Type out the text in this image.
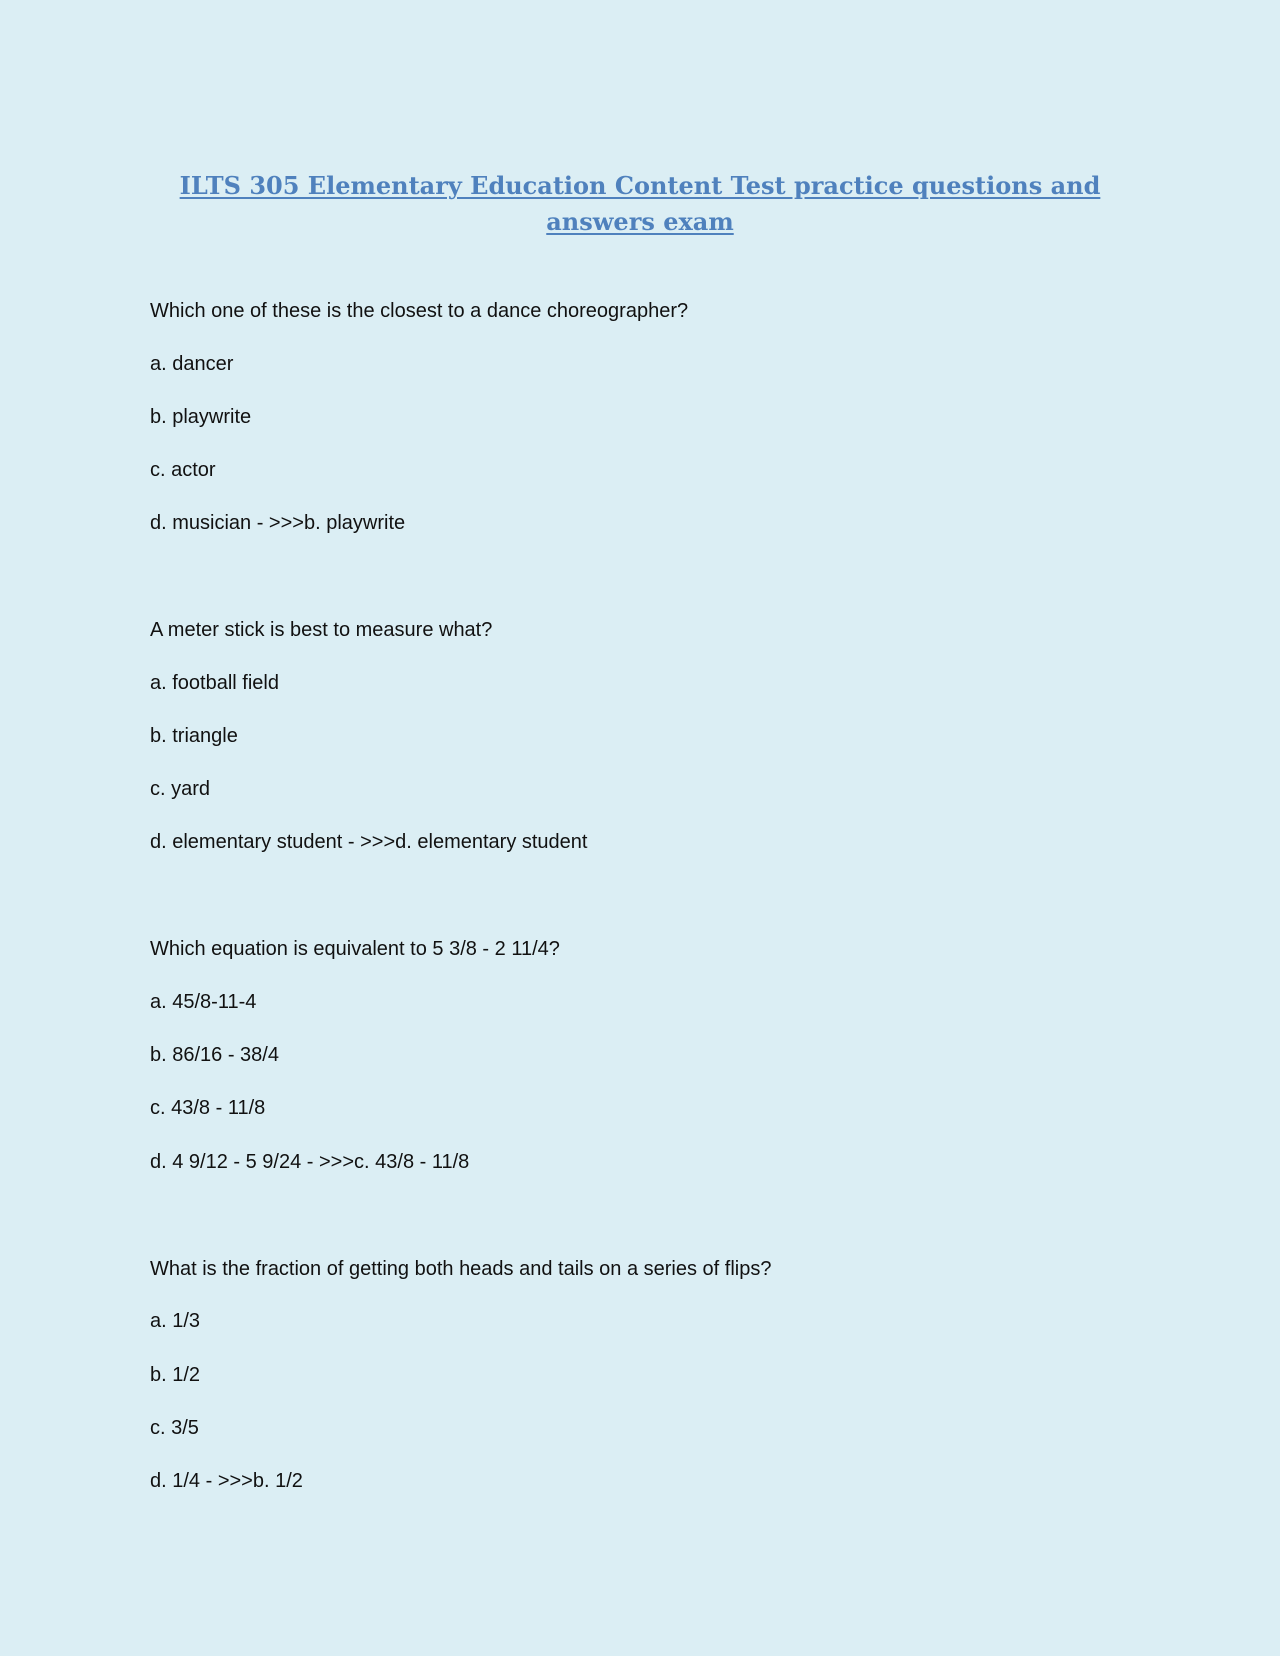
ILTS 305 Elementary Education Content Test practice questions and answers exam

Which one of these is the closest to a dance choreographer?

a. dancer

b. playwrite

c. actor

d. musician - >>>b. playwrite

A meter stick is best to measure what?

a. football field

b. triangle

c. yard

d. elementary student - >>>d. elementary student

Which equation is equivalent to 5 3/8 - 2 11/4?

a. 45/8-11-4

b. 86/16 - 38/4

c. 43/8 - 11/8

d. 4 9/12 - 5 9/24 - >>>c. 43/8 - 11/8

What is the fraction of getting both heads and tails on a series of flips?

a. 1/3

b. 1/2

c. 3/5

d. 1/4 - >>>b. 1/2
